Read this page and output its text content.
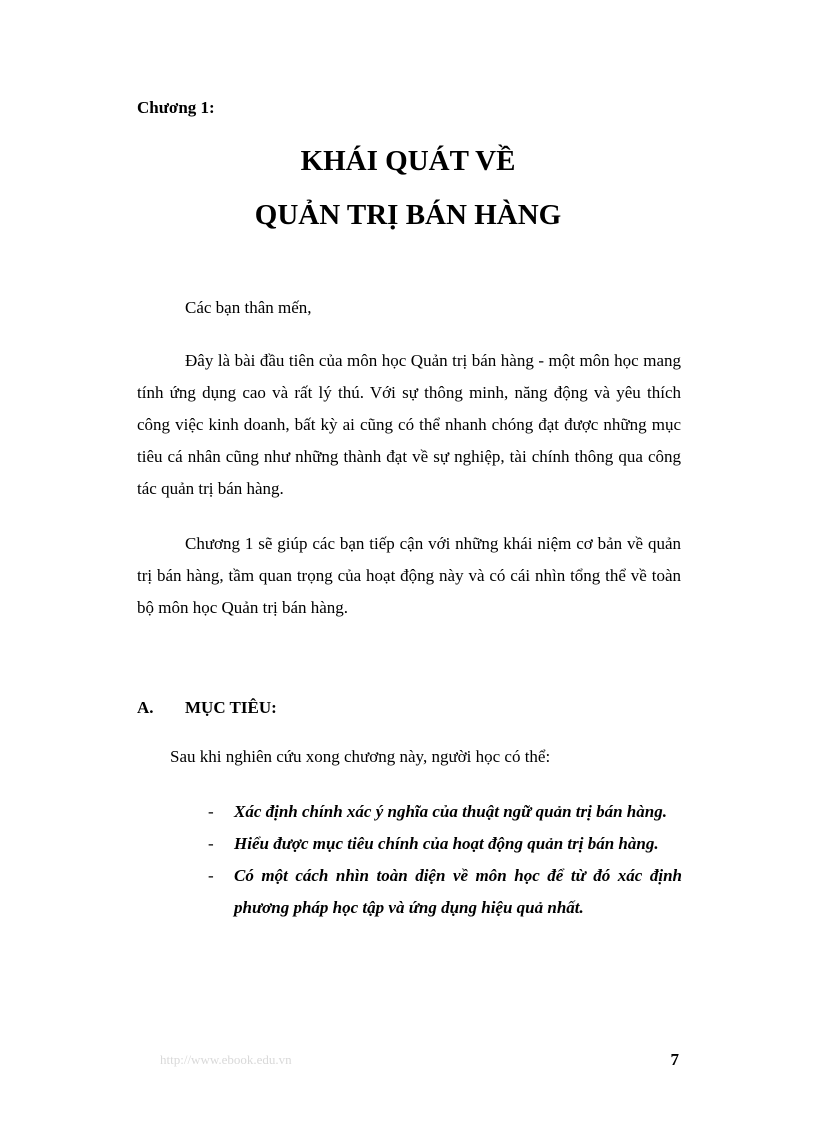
Chương 1:
KHÁI QUÁT VỀ
QUẢN TRỊ BÁN HÀNG

Các bạn thân mến,

Đây là bài đầu tiên của môn học Quản trị bán hàng - một môn học mang tính ứng dụng cao và rất lý thú. Với sự thông minh, năng động và yêu thích công việc kinh doanh, bất kỳ ai cũng có thể nhanh chóng đạt được những mục tiêu cá nhân cũng như những thành đạt về sự nghiệp, tài chính thông qua công tác quản trị bán hàng.

Chương 1 sẽ giúp các bạn tiếp cận với những khái niệm cơ bản về quản trị bán hàng, tầm quan trọng của hoạt động này và có cái nhìn tổng thể về toàn bộ môn học Quản trị bán hàng.

A. MỤC TIÊU:

Sau khi nghiên cứu xong chương này, người học có thể:

- Xác định chính xác ý nghĩa của thuật ngữ quản trị bán hàng.
- Hiểu được mục tiêu chính của hoạt động quản trị bán hàng.
- Có một cách nhìn toàn diện về môn học để từ đó xác định phương pháp học tập và ứng dụng hiệu quả nhất.
http://www.ebook.edu.vn	7
